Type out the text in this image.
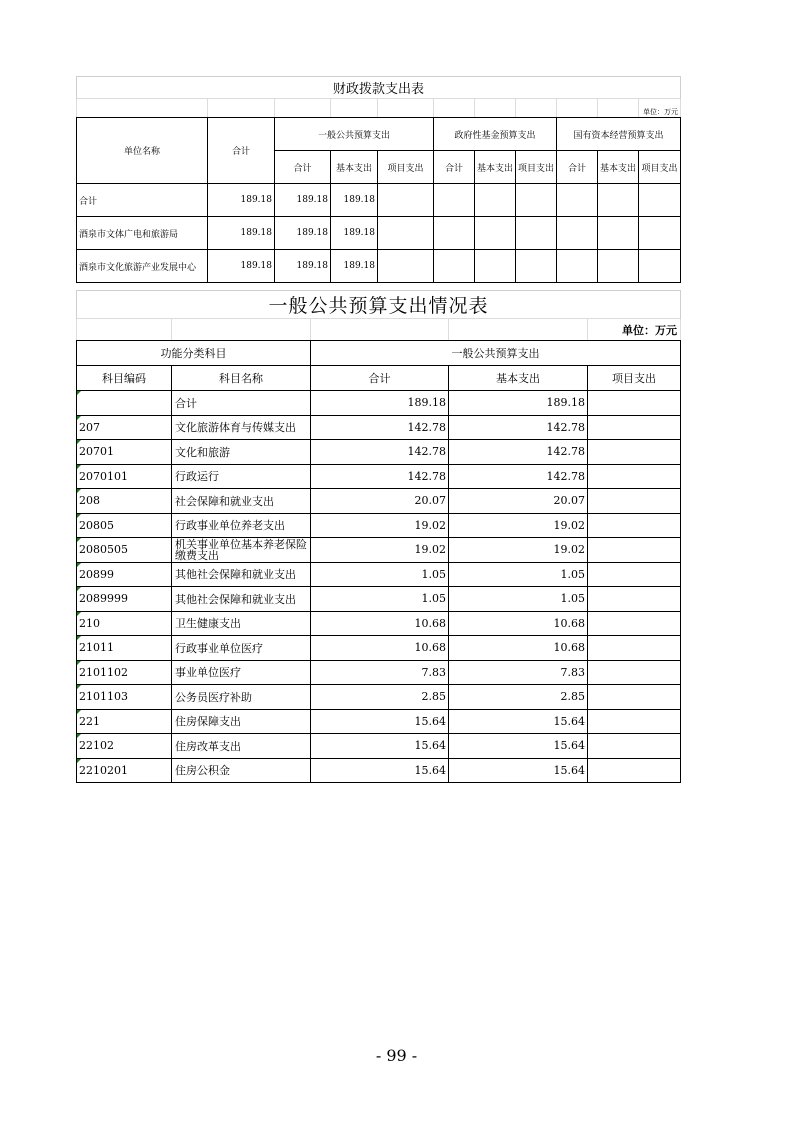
财政拨款支出表										
										单位：万元
单位名称	合计	一般公共预算支出			政府性基金预算支出			国有资本经营预算支出		
		合计	基本支出	项目支出	合计	基本支出	项目支出	合计	基本支出	项目支出
合计	189.18	189.18	189.18							
酒泉市文体广电和旅游局	189.18	189.18	189.18							
酒泉市文化旅游产业发展中心	189.18	189.18	189.18							
一般公共预算支出情况表				
				单位：万元
功能分类科目		一般公共预算支出		
科目编码	科目名称	合计	基本支出	项目支出
	合计	189.18	189.18	
207	文化旅游体育与传媒支出	142.78	142.78	
20701	文化和旅游	142.78	142.78	
2070101	行政运行	142.78	142.78	
208	社会保障和就业支出	20.07	20.07	
20805	行政事业单位养老支出	19.02	19.02	
2080505	机关事业单位基本养老保险缴费支出	19.02	19.02	
20899	其他社会保障和就业支出	1.05	1.05	
2089999	其他社会保障和就业支出	1.05	1.05	
210	卫生健康支出	10.68	10.68	
21011	行政事业单位医疗	10.68	10.68	
2101102	事业单位医疗	7.83	7.83	
2101103	公务员医疗补助	2.85	2.85	
221	住房保障支出	15.64	15.64	
22102	住房改革支出	15.64	15.64	
2210201	住房公积金	15.64	15.64	
- 99 -
